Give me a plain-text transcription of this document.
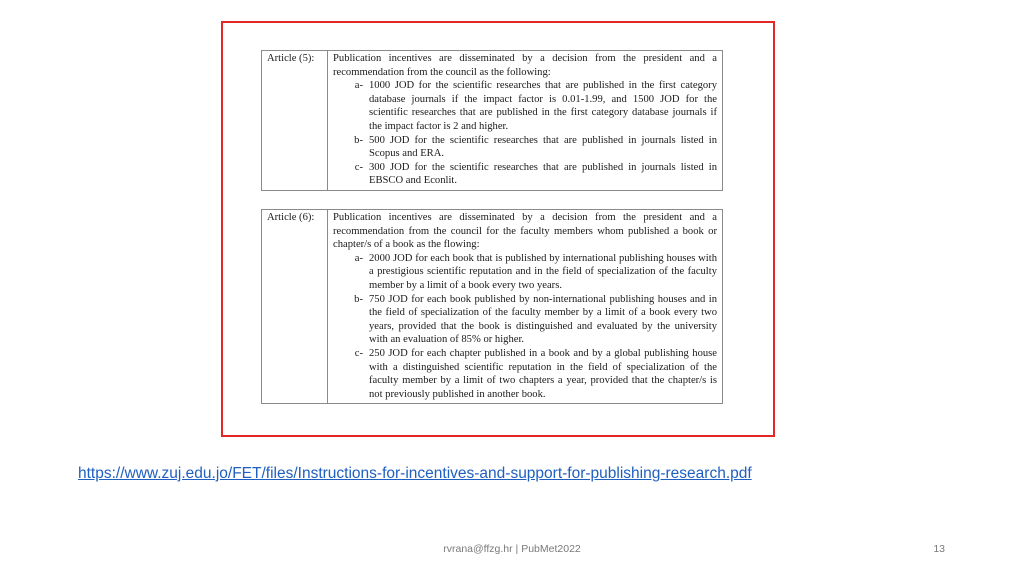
Article (5):	Publication incentives are disseminated by a decision from the president and a recommendation from the council as the following:
a- 1000 JOD for the scientific researches that are published in the first category database journals if the impact factor is 0.01-1.99, and 1500 JOD for the scientific researches that are published in the first category database journals if the impact factor is 2 and higher.
b- 500 JOD for the scientific researches that are published in journals listed in Scopus and ERA.
c- 300 JOD for the scientific researches that are published in journals listed in EBSCO and Econlit.
Article (6):	Publication incentives are disseminated by a decision from the president and a recommendation from the council for the faculty members whom published a book or chapter/s of a book as the flowing:
a- 2000 JOD for each book that is published by international publishing houses with a prestigious scientific reputation and in the field of specialization of the faculty member by a limit of a book every two years.
b- 750 JOD for each book published by non-international publishing houses and in the field of specialization of the faculty member by a limit of a book every two years, provided that the book is distinguished and evaluated by the university with an evaluation of 85% or higher.
c- 250 JOD for each chapter published in a book and by a global publishing house with a distinguished scientific reputation in the field of specialization of the faculty member by a limit of two chapters a year, provided that the chapter/s is not previously published in another book.
https://www.zuj.edu.jo/FET/files/Instructions-for-incentives-and-support-for-publishing-research.pdf
rvrana@ffzg.hr | PubMet2022	13
